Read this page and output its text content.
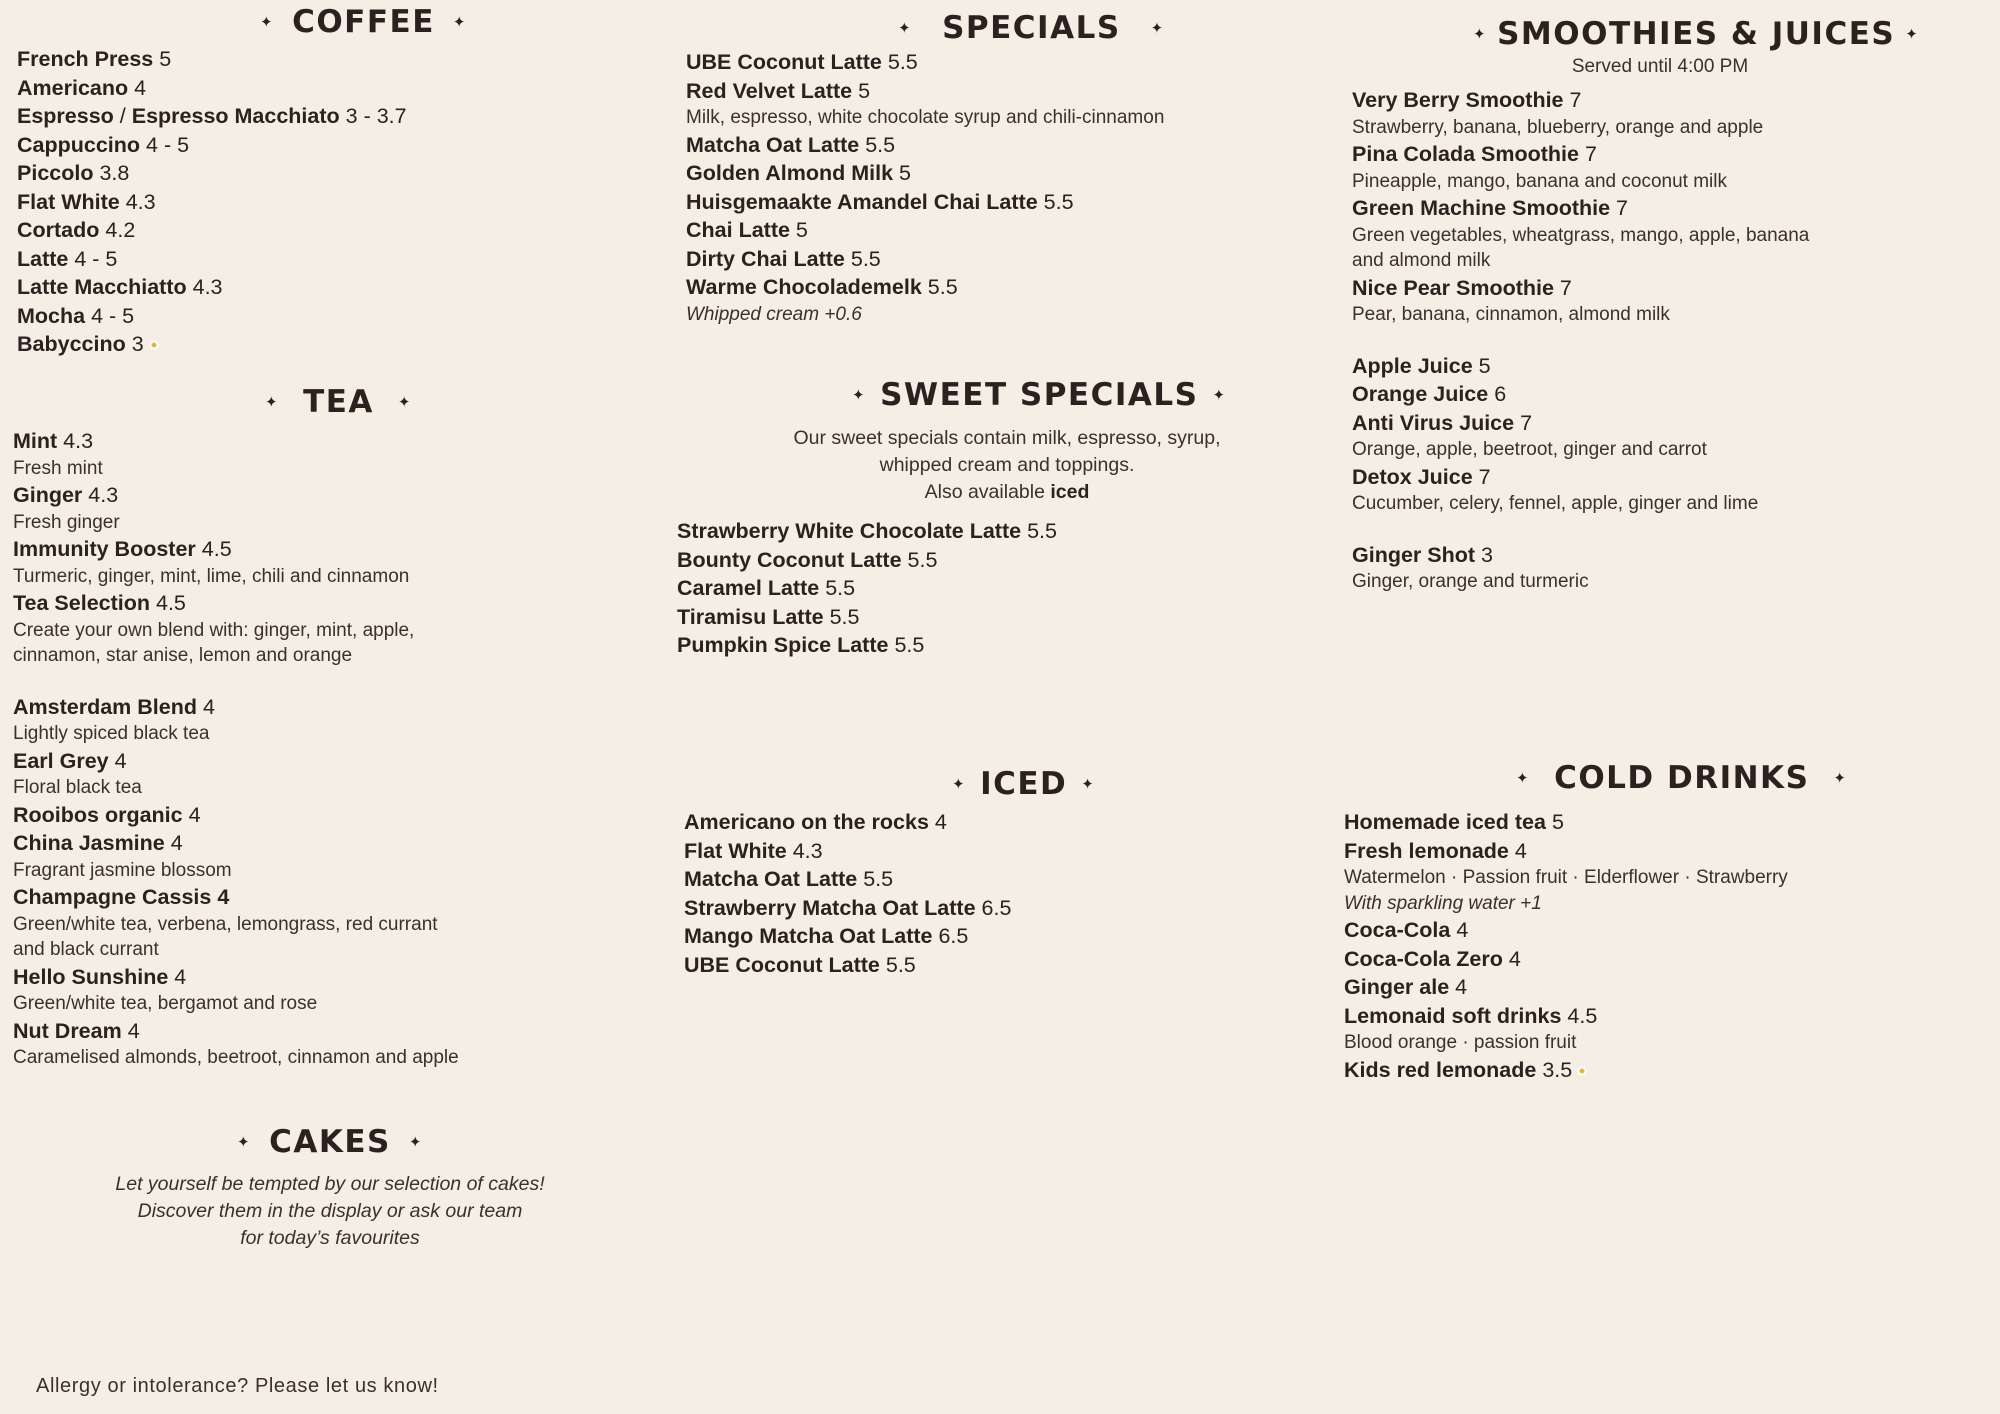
✦ COFFEE ✦
French Press 5
Americano 4
Espresso / Espresso Macchiato 3 - 3.7
Cappuccino 4 - 5
Piccolo 3.8
Flat White 4.3
Cortado 4.2
Latte 4 - 5
Latte Macchiatto 4.3
Mocha 4 - 5
Babyccino 3
✦ TEA ✦
Mint 4.3
Fresh mint
Ginger 4.3
Fresh ginger
Immunity Booster 4.5
Turmeric, ginger, mint, lime, chili and cinnamon
Tea Selection 4.5
Create your own blend with: ginger, mint, apple,
cinnamon, star anise, lemon and orange
Amsterdam Blend 4
Lightly spiced black tea
Earl Grey 4
Floral black tea
Rooibos organic 4
China Jasmine 4
Fragrant jasmine blossom
Champagne Cassis 4
Green/white tea, verbena, lemongrass, red currant
and black currant
Hello Sunshine 4
Green/white tea, bergamot and rose
Nut Dream 4
Caramelised almonds, beetroot, cinnamon and apple
✦ CAKES ✦
Let yourself be tempted by our selection of cakes!
Discover them in the display or ask our team
for today’s favourites
Allergy or intolerance? Please let us know!
✦ SPECIALS ✦
UBE Coconut Latte 5.5
Red Velvet Latte 5
Milk, espresso, white chocolate syrup and chili-cinnamon
Matcha Oat Latte 5.5
Golden Almond Milk 5
Huisgemaakte Amandel Chai Latte 5.5
Chai Latte 5
Dirty Chai Latte 5.5
Warme Chocolademelk 5.5
Whipped cream +0.6
✦ SWEET SPECIALS ✦
Our sweet specials contain milk, espresso, syrup,
whipped cream and toppings.
Also available iced
Strawberry White Chocolate Latte 5.5
Bounty Coconut Latte 5.5
Caramel Latte 5.5
Tiramisu Latte 5.5
Pumpkin Spice Latte 5.5
✦ ICED ✦
Americano on the rocks 4
Flat White 4.3
Matcha Oat Latte 5.5
Strawberry Matcha Oat Latte 6.5
Mango Matcha Oat Latte 6.5
UBE Coconut Latte 5.5
✦ SMOOTHIES & JUICES ✦
Served until 4:00 PM
Very Berry Smoothie 7
Strawberry, banana, blueberry, orange and apple
Pina Colada Smoothie 7
Pineapple, mango, banana and coconut milk
Green Machine Smoothie 7
Green vegetables, wheatgrass, mango, apple, banana
and almond milk
Nice Pear Smoothie 7
Pear, banana, cinnamon, almond milk
Apple Juice 5
Orange Juice 6
Anti Virus Juice 7
Orange, apple, beetroot, ginger and carrot
Detox Juice 7
Cucumber, celery, fennel, apple, ginger and lime
Ginger Shot 3
Ginger, orange and turmeric
✦ COLD DRINKS ✦
Homemade iced tea 5
Fresh lemonade 4
Watermelon · Passion fruit · Elderflower · Strawberry
With sparkling water +1
Coca-Cola 4
Coca-Cola Zero 4
Ginger ale 4
Lemonaid soft drinks 4.5
Blood orange · passion fruit
Kids red lemonade 3.5
